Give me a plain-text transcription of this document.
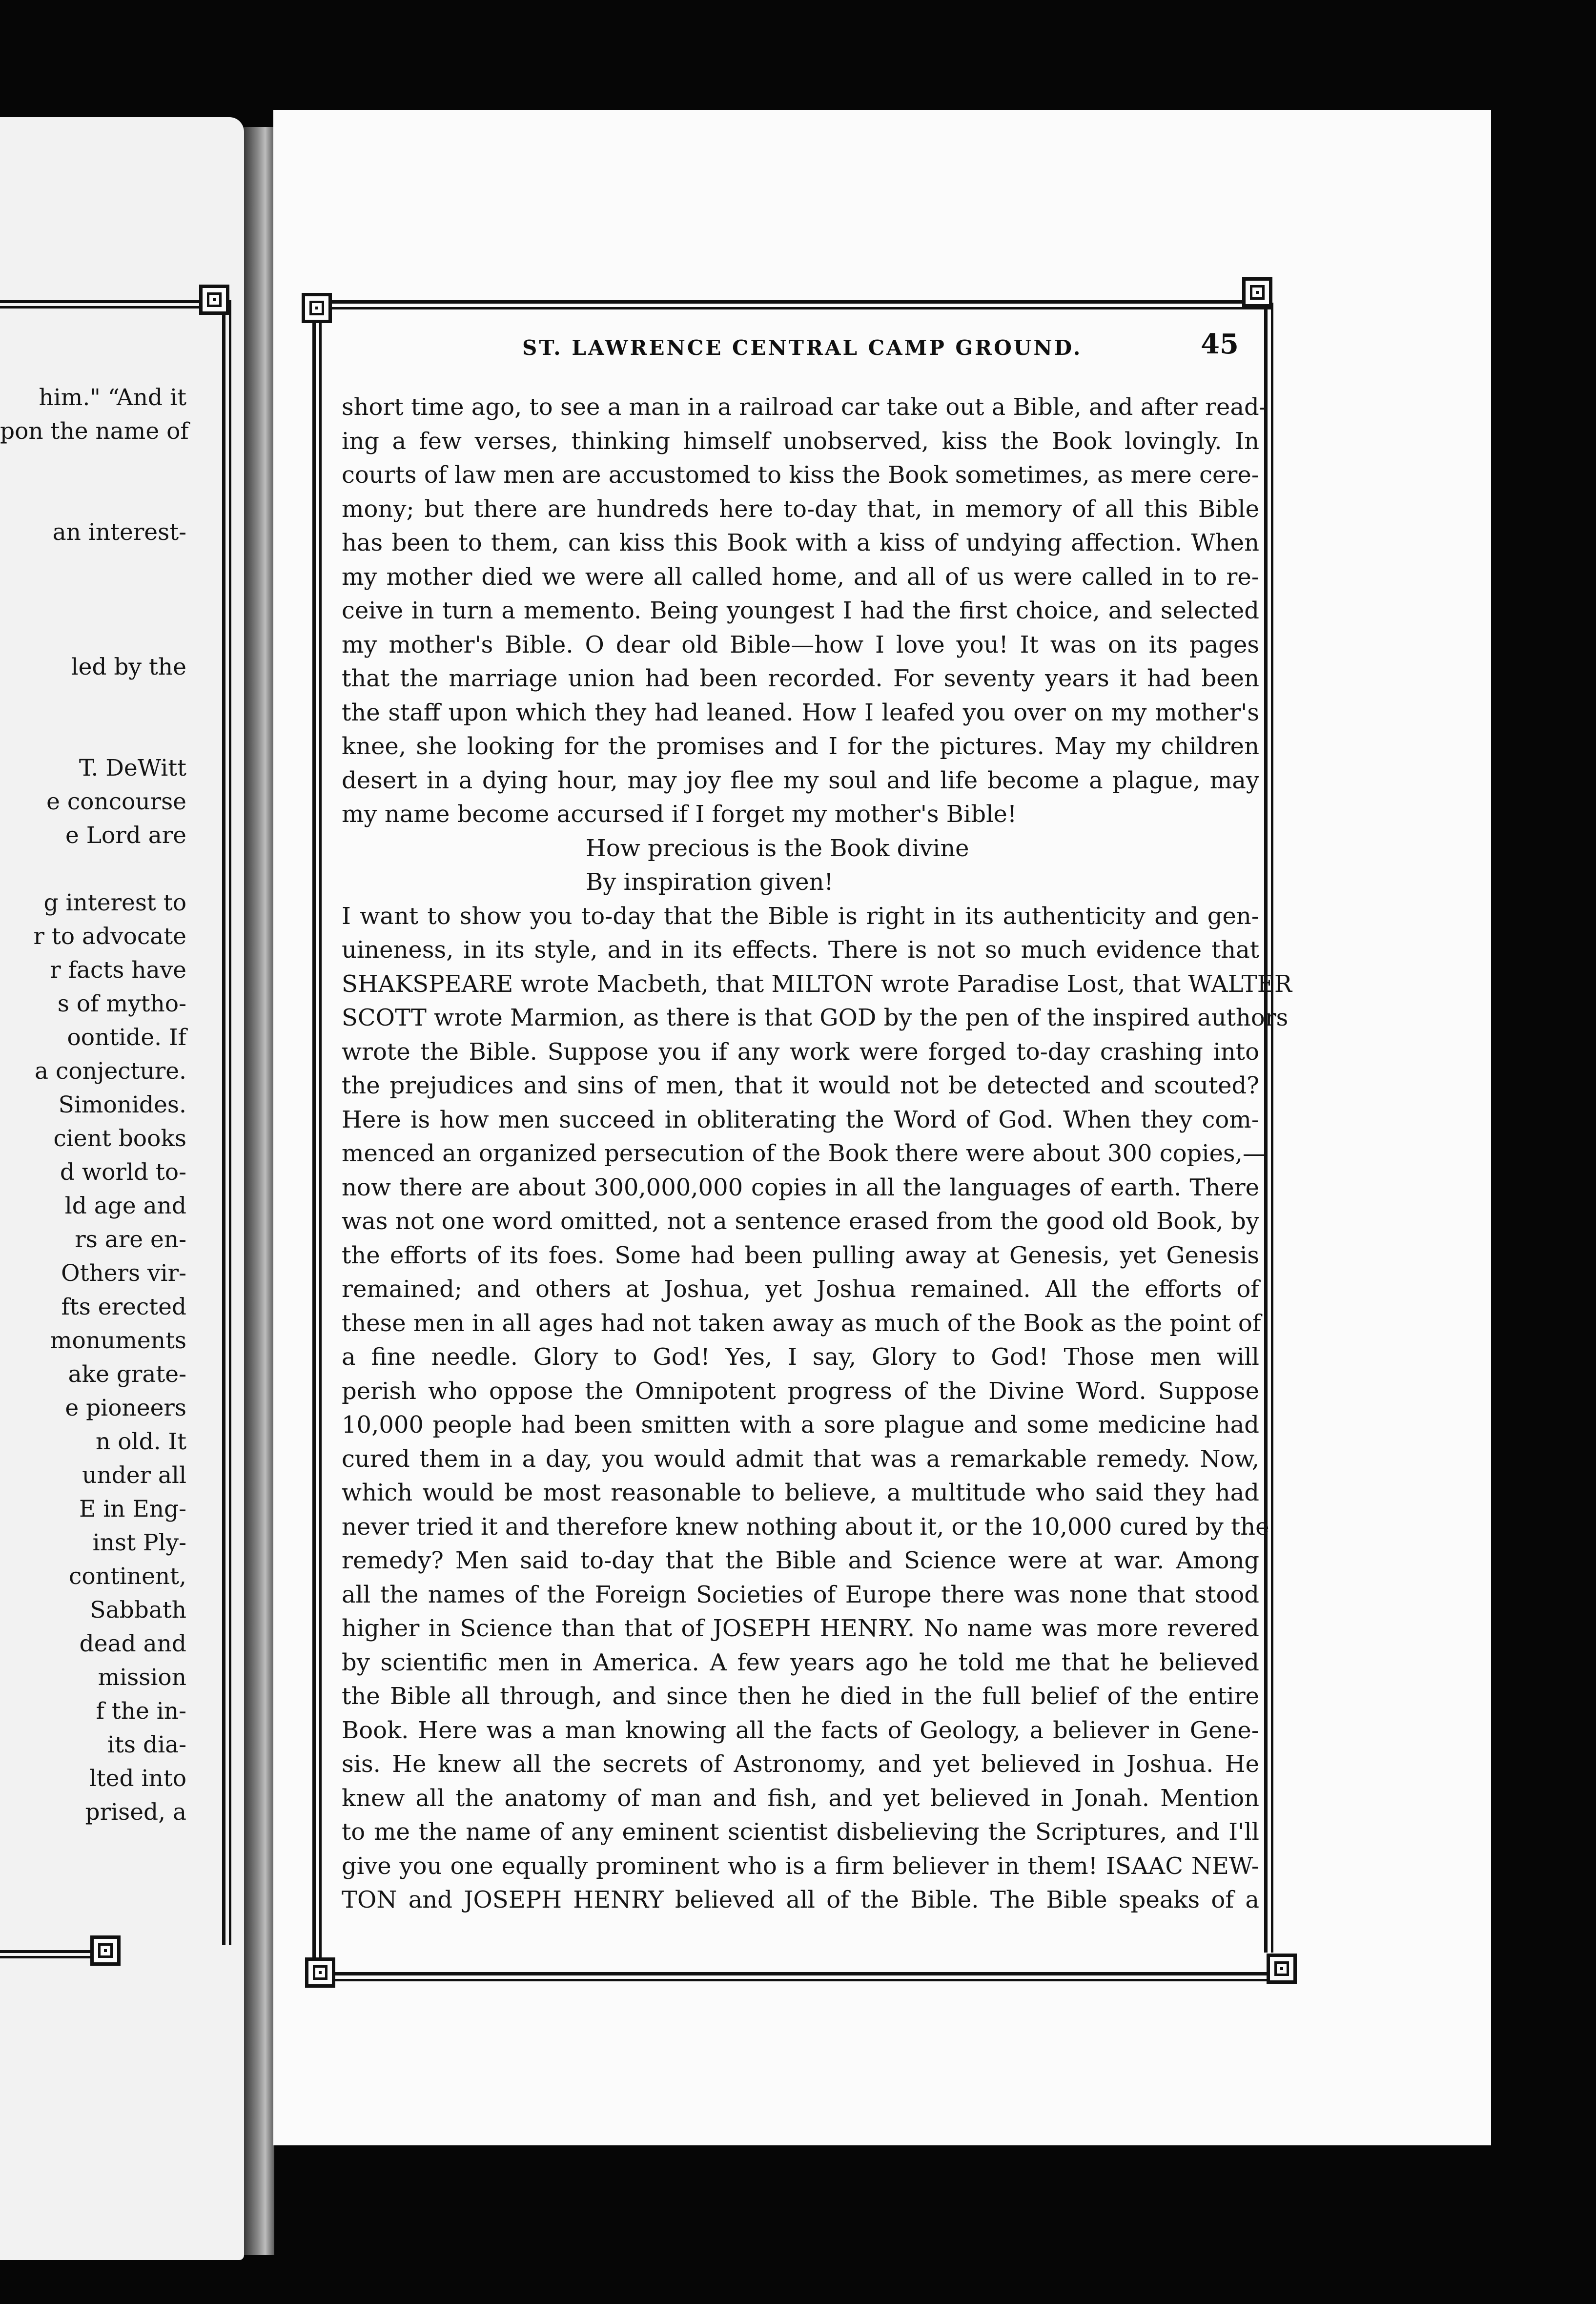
him." “And it
pon the name of

an interest-

led by the

T. DeWitt
e concourse
e Lord are

g interest to
r to advocate
r facts have
s of mytho-
oontide. If
a conjecture.
Simonides.
cient books
d world to-
ld age and
rs are en-
Others vir-
fts erected
monuments
ake grate-
e pioneers
n old. It
under all
E in Eng-
inst Ply-
continent,
Sabbath
dead and
mission
f the in-
its dia-
lted into
prised, a
ST. LAWRENCE CENTRAL CAMP GROUND.	45
short time ago, to see a man in a railroad car take out a Bible, and after read-
ing a few verses, thinking himself unobserved, kiss the Book lovingly. In
courts of law men are accustomed to kiss the Book sometimes, as mere cere-
mony; but there are hundreds here to-day that, in memory of all this Bible
has been to them, can kiss this Book with a kiss of undying affection. When
my mother died we were all called home, and all of us were called in to re-
ceive in turn a memento. Being youngest I had the first choice, and selected
my mother's Bible. O dear old Bible—how I love you! It was on its pages
that the marriage union had been recorded. For seventy years it had been
the staff upon which they had leaned. How I leafed you over on my mother's
knee, she looking for the promises and I for the pictures. May my children
desert in a dying hour, may joy flee my soul and life become a plague, may
my name become accursed if I forget my mother's Bible!
How precious is the Book divine
By inspiration given!
I want to show you to-day that the Bible is right in its authenticity and gen-
uineness, in its style, and in its effects. There is not so much evidence that
SHAKSPEARE wrote Macbeth, that MILTON wrote Paradise Lost, that WALTER
SCOTT wrote Marmion, as there is that GOD by the pen of the inspired authors
wrote the Bible. Suppose you if any work were forged to-day crashing into
the prejudices and sins of men, that it would not be detected and scouted?
Here is how men succeed in obliterating the Word of God. When they com-
menced an organized persecution of the Book there were about 300 copies,—
now there are about 300,000,000 copies in all the languages of earth. There
was not one word omitted, not a sentence erased from the good old Book, by
the efforts of its foes. Some had been pulling away at Genesis, yet Genesis
remained; and others at Joshua, yet Joshua remained. All the efforts of
these men in all ages had not taken away as much of the Book as the point of
a fine needle. Glory to God! Yes, I say, Glory to God! Those men will
perish who oppose the Omnipotent progress of the Divine Word. Suppose
10,000 people had been smitten with a sore plague and some medicine had
cured them in a day, you would admit that was a remarkable remedy. Now,
which would be most reasonable to believe, a multitude who said they had
never tried it and therefore knew nothing about it, or the 10,000 cured by the
remedy? Men said to-day that the Bible and Science were at war. Among
all the names of the Foreign Societies of Europe there was none that stood
higher in Science than that of JOSEPH HENRY. No name was more revered
by scientific men in America. A few years ago he told me that he believed
the Bible all through, and since then he died in the full belief of the entire
Book. Here was a man knowing all the facts of Geology, a believer in Gene-
sis. He knew all the secrets of Astronomy, and yet believed in Joshua. He
knew all the anatomy of man and fish, and yet believed in Jonah. Mention
to me the name of any eminent scientist disbelieving the Scriptures, and I'll
give you one equally prominent who is a firm believer in them! ISAAC NEW-
TON and JOSEPH HENRY believed all of the Bible. The Bible speaks of a
